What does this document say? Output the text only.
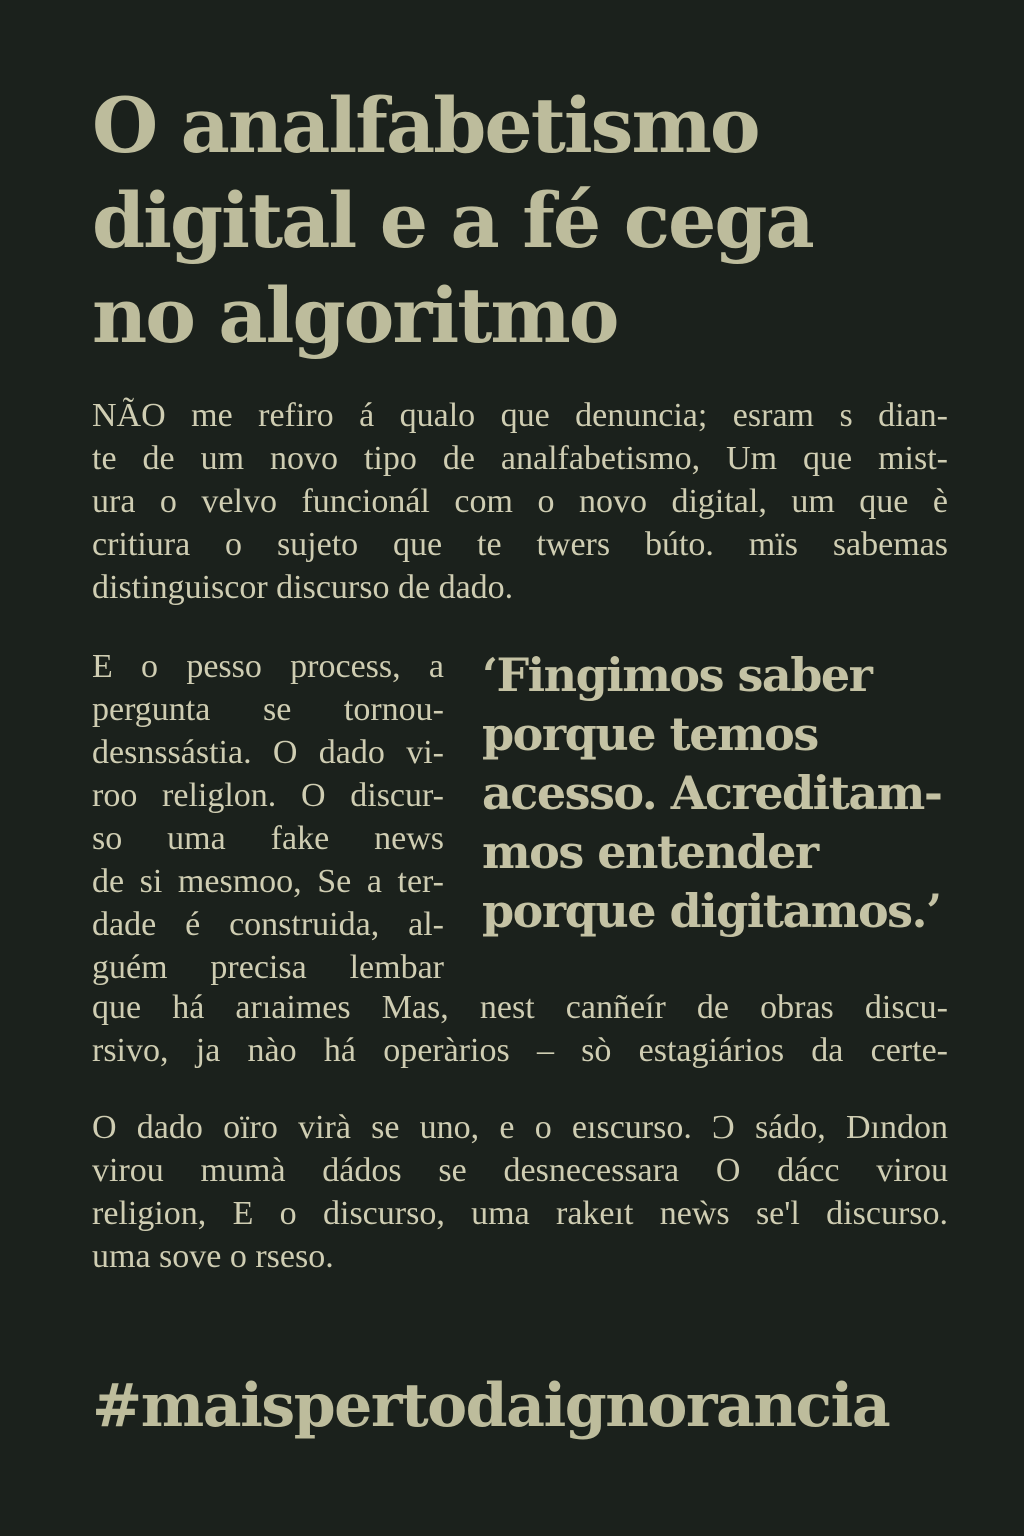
O analfabetismo
digital e a fé cega
no algoritmo

NÃO me refiro á qualo que denuncia; esram s dian-
te de um novo tipo de analfabetismo, Um que mist-
ura o velvo funcionál com o novo digital, um que è
critiura o sujeto que te twers búto. mïs sabemas
distinguiscor discurso de dado.

E o pesso process, a
pergunta se tornou-
desnssástia. O dado vi-
roo religlon. O discur-
so uma fake news
de si mesmoo, Se a ter-
dade é construida, al-
guém precisa lembar

‘Fingimos saber
porque temos
acesso. Acreditam-
mos entender
porque digitamos.’

que há arıaimes Mas, nest canñeír de obras discu-
rsivo, ja nào há operàrios – sò estagiários da certe-

O dado oïro virà se uno, e o eıscurso. Ͻ sádo, Dındon
virou mumà dádos se desnecessara O dácc virou
religion, E o discurso, uma rakeıt neẁs se'l discurso.
uma sove o rseso.

#maispertodaignorancia
